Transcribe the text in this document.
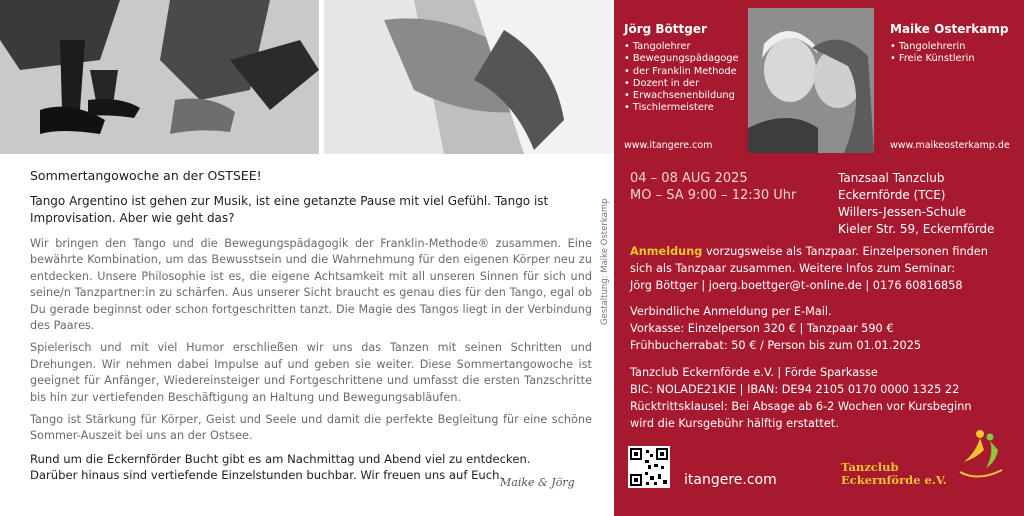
Sommertangowoche an der OSTSEE!

Tango Argentino ist gehen zur Musik, ist eine getanzte Pause mit viel Gefühl. Tango ist Improvisation. Aber wie geht das?

Wir bringen den Tango und die Bewegungspädagogik der Franklin-Methode® zusammen. Eine bewährte Kombination, um das Bewusstsein und die Wahrnehmung für den eigenen Körper neu zu entdecken. Unsere Philosophie ist es, die eigene Achtsamkeit mit all unseren Sinnen für sich und seine/n Tanzpartner:in zu schärfen. Aus unserer Sicht braucht es genau dies für den Tango, egal ob Du gerade beginnst oder schon fortgeschritten tanzt. Die Magie des Tangos liegt in der Verbindung des Paares.

Spielerisch und mit viel Humor erschließen wir uns das Tanzen mit seinen Schritten und Drehungen. Wir nehmen dabei Impulse auf und geben sie weiter. Diese Sommertangowoche ist geeignet für Anfänger, Wiedereinsteiger und Fortgeschrittene und umfasst die ersten Tanzschritte bis hin zur vertiefenden Beschäftigung an Haltung und Bewegungsabläufen.

Tango ist Stärkung für Körper, Geist und Seele und damit die perfekte Begleitung für eine schöne Sommer-Auszeit bei uns an der Ostsee.

Rund um die Eckernförder Bucht gibt es am Nachmittag und Abend viel zu entdecken.
Darüber hinaus sind vertiefende Einzelstunden buchbar. Wir freuen uns auf Euch.

Maike & Jörg
Gestaltung: Maike Osterkamp
Jörg Böttger
• Tangolehrer
• Bewegungspädagoge
• der Franklin Methode
• Dozent in der
• Erwachsenenbildung
• Tischlermeistere
www.itangere.com
Maike Osterkamp
• Tangolehrerin
• Freie Künstlerin
www.maikeosterkamp.de
04 – 08 AUG 2025
MO – SA 9:00 – 12:30 Uhr
Tanzsaal Tanzclub
Eckernförde (TCE)
Willers-Jessen-Schule
Kieler Str. 59, Eckernförde
Anmeldung vorzugsweise als Tanzpaar. Einzelpersonen finden sich als Tanzpaar zusammen. Weitere Infos zum Seminar:
Jörg Böttger | joerg.boettger@t-online.de | 0176 60816858
Verbindliche Anmeldung per E-Mail.
Vorkasse: Einzelperson 320 € | Tanzpaar 590 €
Frühbucherrabat: 50 € / Person bis zum 01.01.2025
Tanzclub Eckernförde e.V. | Förde Sparkasse
BIC: NOLADE21KIE | IBAN: DE94 2105 0170 0000 1325 22
Rücktrittsklausel: Bei Absage ab 6-2 Wochen vor Kursbeginn
wird die Kursgebühr hälftig erstattet.
itangere.com
Tanzclub
Eckernförde e.V.
